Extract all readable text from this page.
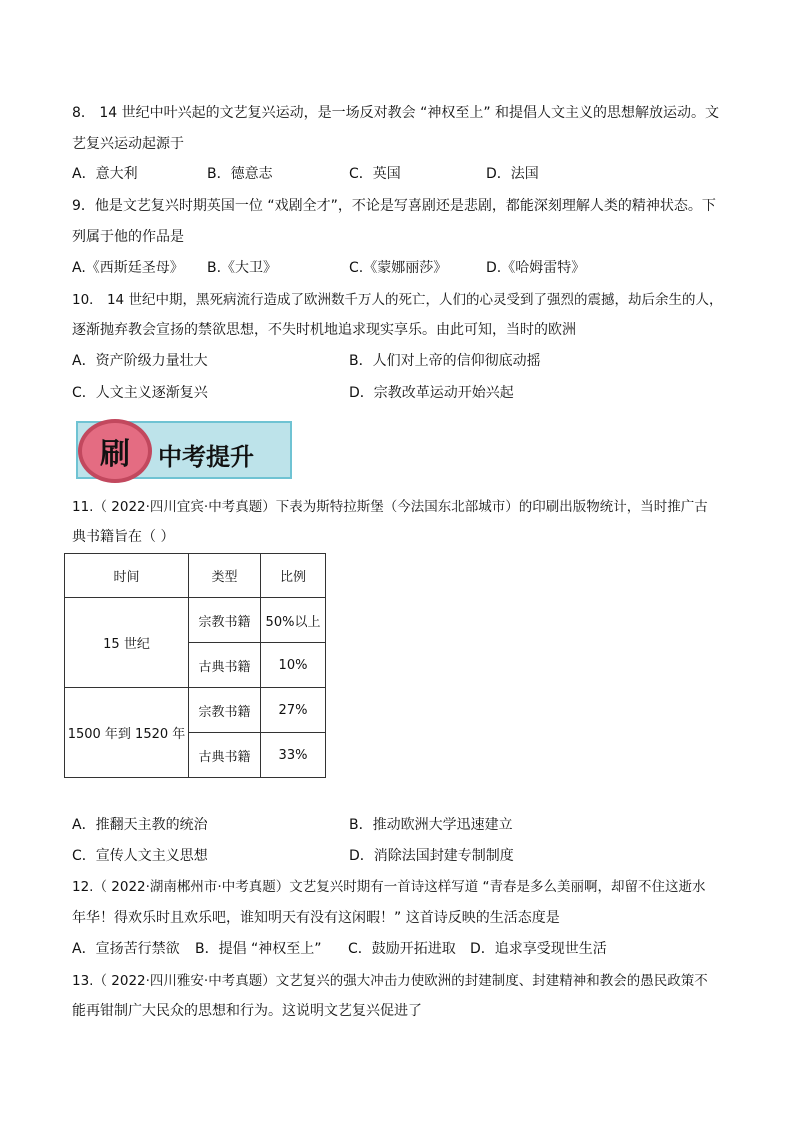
8． 14 世纪中叶兴起的文艺复兴运动，是一场反对教会 “神权至上” 和提倡人文主义的思想解放运动。文
艺复兴运动起源于
A．意大利	B．德意志	C．英国	D．法国
9．他是文艺复兴时期英国一位 “戏剧全才”，不论是写喜剧还是悲剧，都能深刻理解人类的精神状态。下
列属于他的作品是
A.《西斯廷圣母》 B.《大卫》	C.《蒙娜丽莎》	D.《哈姆雷特》
10． 14 世纪中期，黑死病流行造成了欧洲数千万人的死亡，人们的心灵受到了强烈的震撼，劫后余生的人，
逐渐抛弃教会宣扬的禁欲思想，不失时机地追求现实享乐。由此可知，当时的欧洲
A．资产阶级力量壮大	B．人们对上帝的信仰彻底动摇
C．人文主义逐渐复兴	D．宗教改革运动开始兴起
刷	中考提升
11.（ 2022·四川宜宾·中考真题）下表为斯特拉斯堡（今法国东北部城市）的印刷出版物统计，当时推广古
典书籍旨在（ ）
时间	类型	比例
15 世纪	宗教书籍	50%以上
	古典书籍	10%
1500 年到 1520 年	宗教书籍	27%
	古典书籍	33%
A．推翻天主教的统治	B．推动欧洲大学迅速建立
C．宣传人文主义思想	D．消除法国封建专制制度
12.（ 2022·湖南郴州市·中考真题）文艺复兴时期有一首诗这样写道 “青春是多么美丽啊，却留不住这逝水
年华！得欢乐时且欢乐吧，谁知明天有没有这闲暇！” 这首诗反映的生活态度是
A．宣扬苦行禁欲 B．提倡 “神权至上” C．鼓励开拓进取 D．追求享受现世生活
13.（ 2022·四川雅安·中考真题）文艺复兴的强大冲击力使欧洲的封建制度、封建精神和教会的愚民政策不
能再钳制广大民众的思想和行为。这说明文艺复兴促进了
